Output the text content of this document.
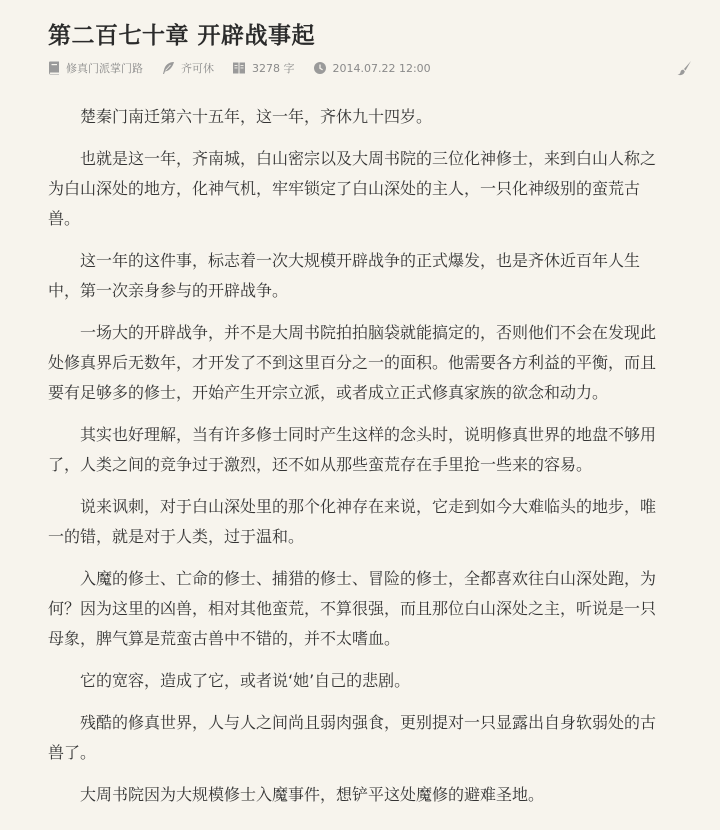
第二百七十章 开辟战事起
修真门派掌门路	齐可休	3278 字	2014.07.22 12:00

楚秦门南迁第六十五年，这一年，齐休九十四岁。

也就是这一年，齐南城，白山密宗以及大周书院的三位化神修士，来到白山人称之为白山深处的地方，化神气机，牢牢锁定了白山深处的主人，一只化神级别的蛮荒古兽。

这一年的这件事，标志着一次大规模开辟战争的正式爆发，也是齐休近百年人生中，第一次亲身参与的开辟战争。

一场大的开辟战争，并不是大周书院拍拍脑袋就能搞定的，否则他们不会在发现此处修真界后无数年，才开发了不到这里百分之一的面积。他需要各方利益的平衡，而且要有足够多的修士，开始产生开宗立派，或者成立正式修真家族的欲念和动力。

其实也好理解，当有许多修士同时产生这样的念头时，说明修真世界的地盘不够用了，人类之间的竞争过于激烈，还不如从那些蛮荒存在手里抢一些来的容易。

说来讽刺，对于白山深处里的那个化神存在来说，它走到如今大难临头的地步，唯一的错，就是对于人类，过于温和。

入魔的修士、亡命的修士、捕猎的修士、冒险的修士，全都喜欢往白山深处跑，为何？因为这里的凶兽，相对其他蛮荒，不算很强，而且那位白山深处之主，听说是一只母象，脾气算是荒蛮古兽中不错的，并不太嗜血。

它的宽容，造成了它，或者说‘她’自己的悲剧。

残酷的修真世界，人与人之间尚且弱肉强食，更别提对一只显露出自身软弱处的古兽了。

大周书院因为大规模修士入魔事件，想铲平这处魔修的避难圣地。
